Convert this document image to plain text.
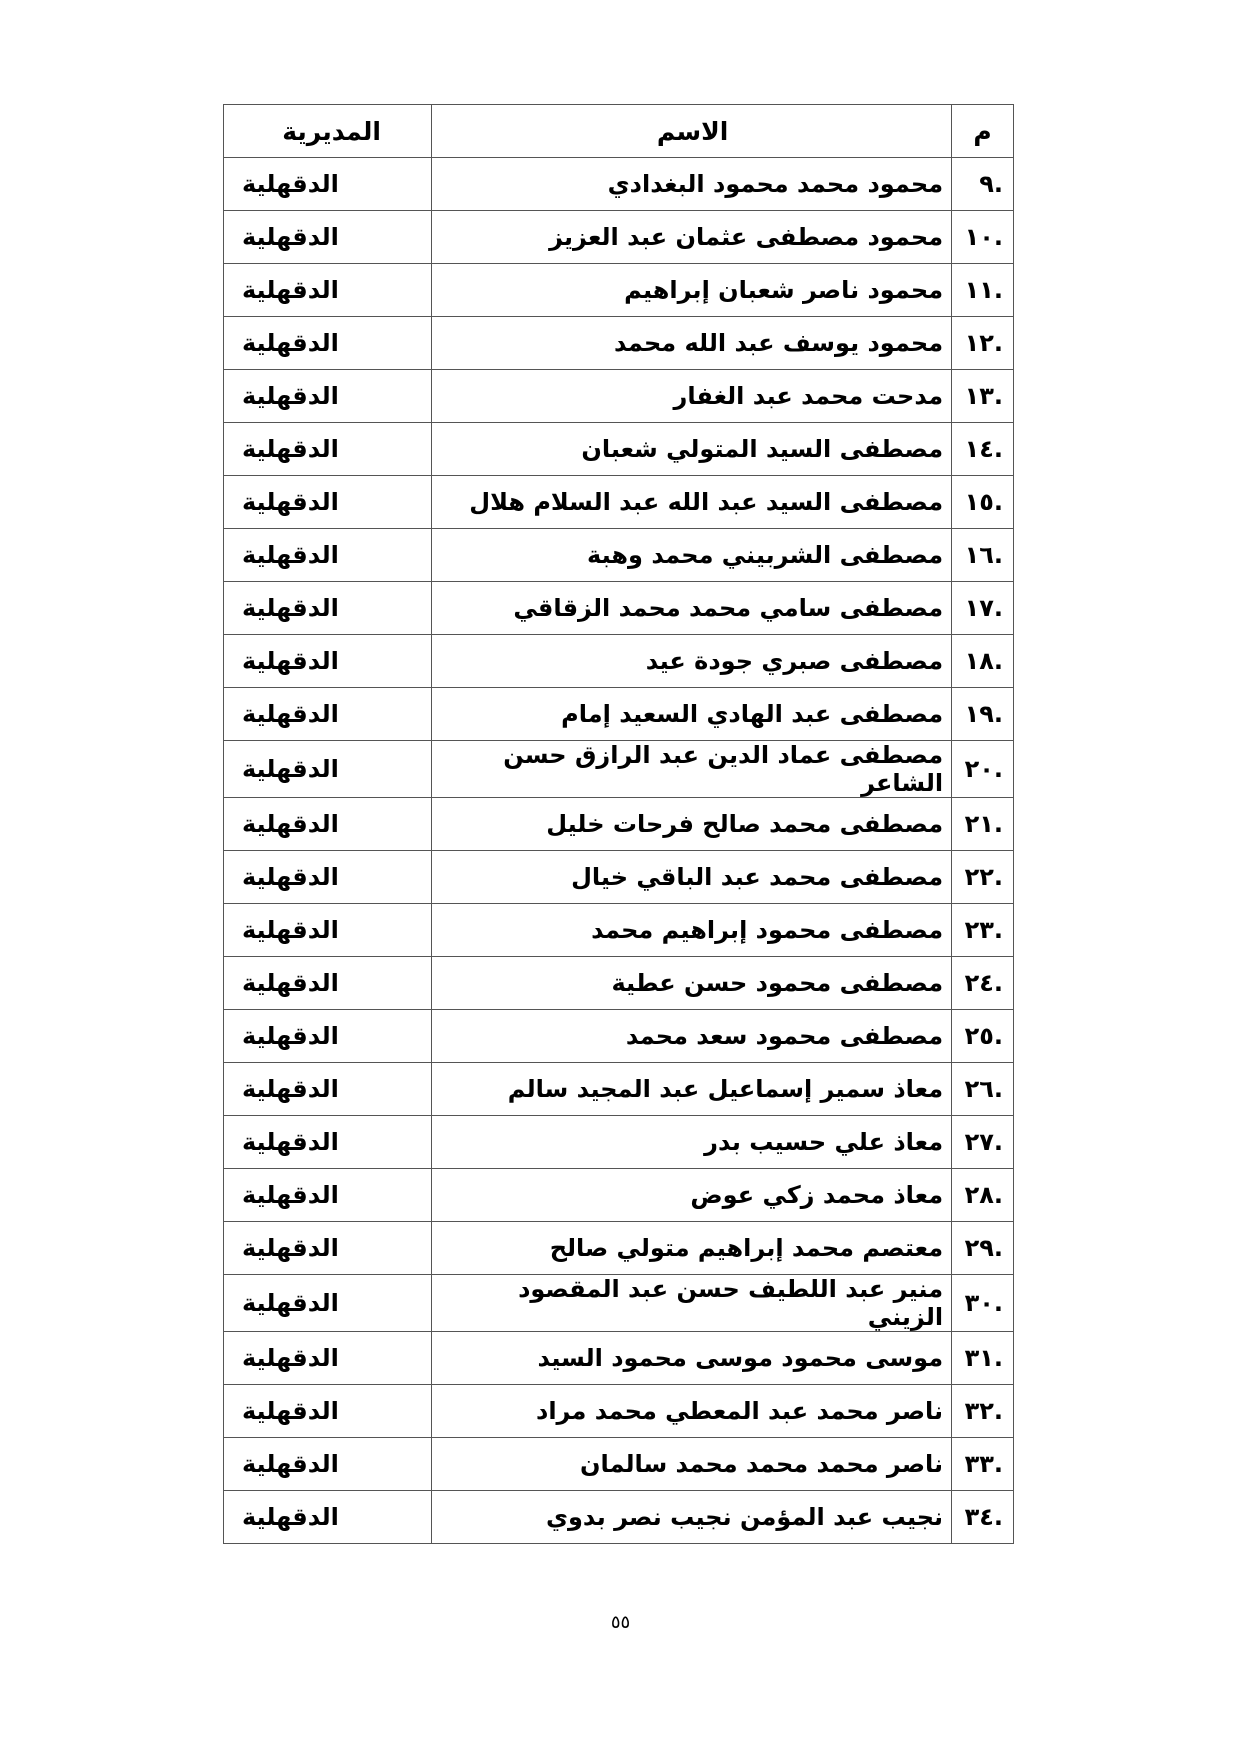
م	الاسم	المديرية
.٩	محمود محمد محمود البغدادي	الدقهلية
.١٠	محمود مصطفى عثمان عبد العزيز	الدقهلية
.١١	محمود ناصر شعبان إبراهيم	الدقهلية
.١٢	محمود يوسف عبد الله محمد	الدقهلية
.١٣	مدحت محمد عبد الغفار	الدقهلية
.١٤	مصطفى السيد المتولي شعبان	الدقهلية
.١٥	مصطفى السيد عبد الله عبد السلام هلال	الدقهلية
.١٦	مصطفى الشربيني محمد وهبة	الدقهلية
.١٧	مصطفى سامي محمد محمد الزقاقي	الدقهلية
.١٨	مصطفى صبري جودة عيد	الدقهلية
.١٩	مصطفى عبد الهادي السعيد إمام	الدقهلية
.٢٠	مصطفى عماد الدين عبد الرازق حسن الشاعر	الدقهلية
.٢١	مصطفى محمد صالح فرحات خليل	الدقهلية
.٢٢	مصطفى محمد عبد الباقي خيال	الدقهلية
.٢٣	مصطفى محمود إبراهيم محمد	الدقهلية
.٢٤	مصطفى محمود حسن عطية	الدقهلية
.٢٥	مصطفى محمود سعد محمد	الدقهلية
.٢٦	معاذ سمير إسماعيل عبد المجيد سالم	الدقهلية
.٢٧	معاذ علي حسيب بدر	الدقهلية
.٢٨	معاذ محمد زكي عوض	الدقهلية
.٢٩	معتصم محمد إبراهيم متولي صالح	الدقهلية
.٣٠	منير عبد اللطيف حسن عبد المقصود الزيني	الدقهلية
.٣١	موسى محمود موسى محمود السيد	الدقهلية
.٣٢	ناصر محمد عبد المعطي محمد مراد	الدقهلية
.٣٣	ناصر محمد محمد محمد سالمان	الدقهلية
.٣٤	نجيب عبد المؤمن نجيب نصر بدوي	الدقهلية
٥٥
